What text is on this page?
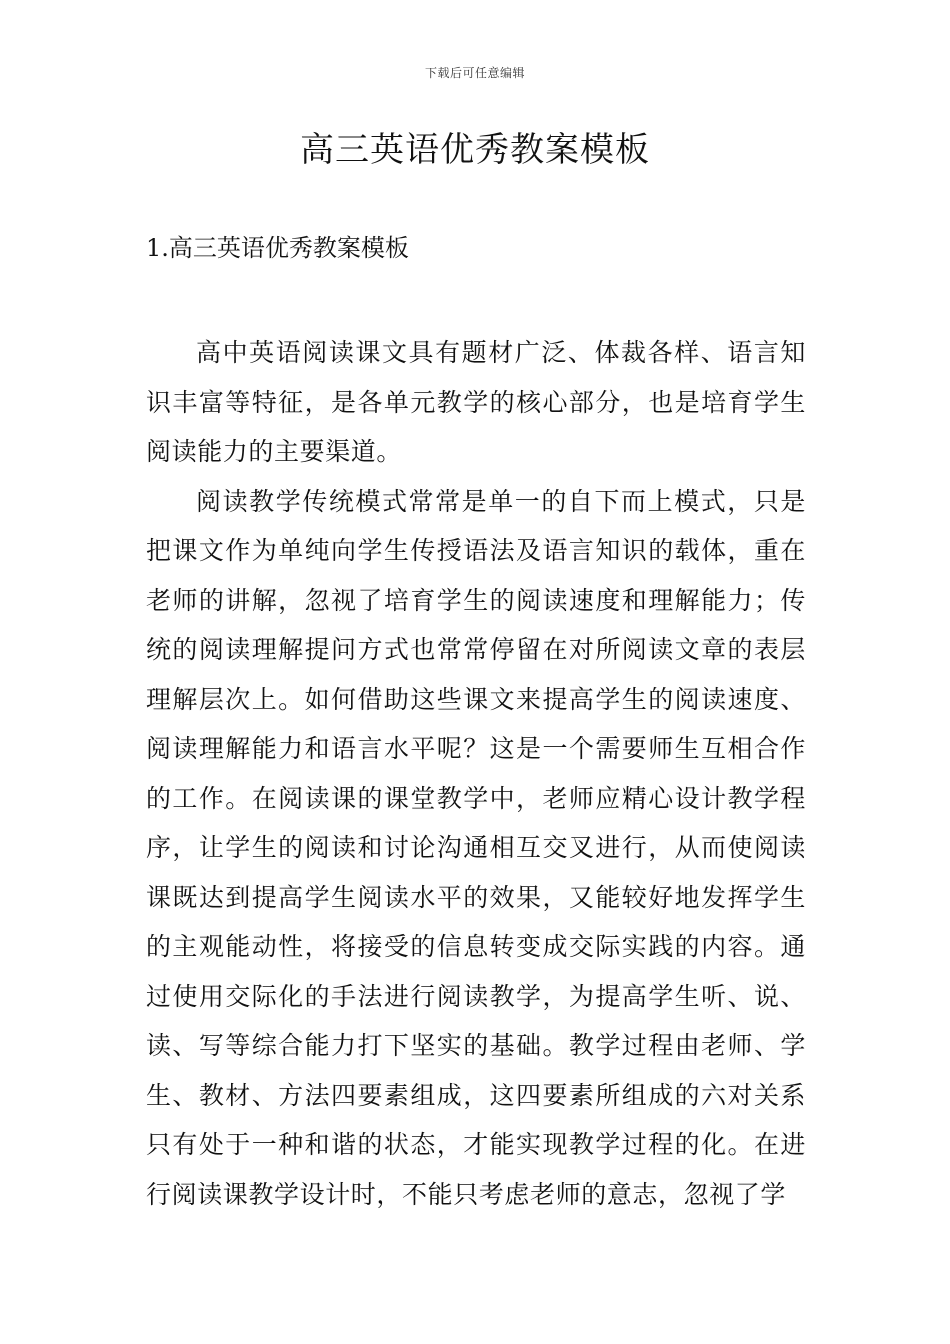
下载后可任意编辑
高三英语优秀教案模板
1.高三英语优秀教案模板

高中英语阅读课文具有题材广泛、体裁各样、语言知识丰富等特征，是各单元教学的核心部分，也是培育学生阅读能力的主要渠道。

阅读教学传统模式常常是单一的自下而上模式，只是把课文作为单纯向学生传授语法及语言知识的载体，重在老师的讲解，忽视了培育学生的阅读速度和理解能力；传统的阅读理解提问方式也常常停留在对所阅读文章的表层理解层次上。如何借助这些课文来提高学生的阅读速度、阅读理解能力和语言水平呢？这是一个需要师生互相合作的工作。在阅读课的课堂教学中，老师应精心设计教学程序，让学生的阅读和讨论沟通相互交叉进行，从而使阅读课既达到提高学生阅读水平的效果，又能较好地发挥学生的主观能动性，将接受的信息转变成交际实践的内容。通过使用交际化的手法进行阅读教学，为提高学生听、说、读、写等综合能力打下坚实的基础。教学过程由老师、学生、教材、方法四要素组成，这四要素所组成的六对关系只有处于一种和谐的状态，才能实现教学过程的化。在进行阅读课教学设计时，不能只考虑老师的意志，忽视了学
